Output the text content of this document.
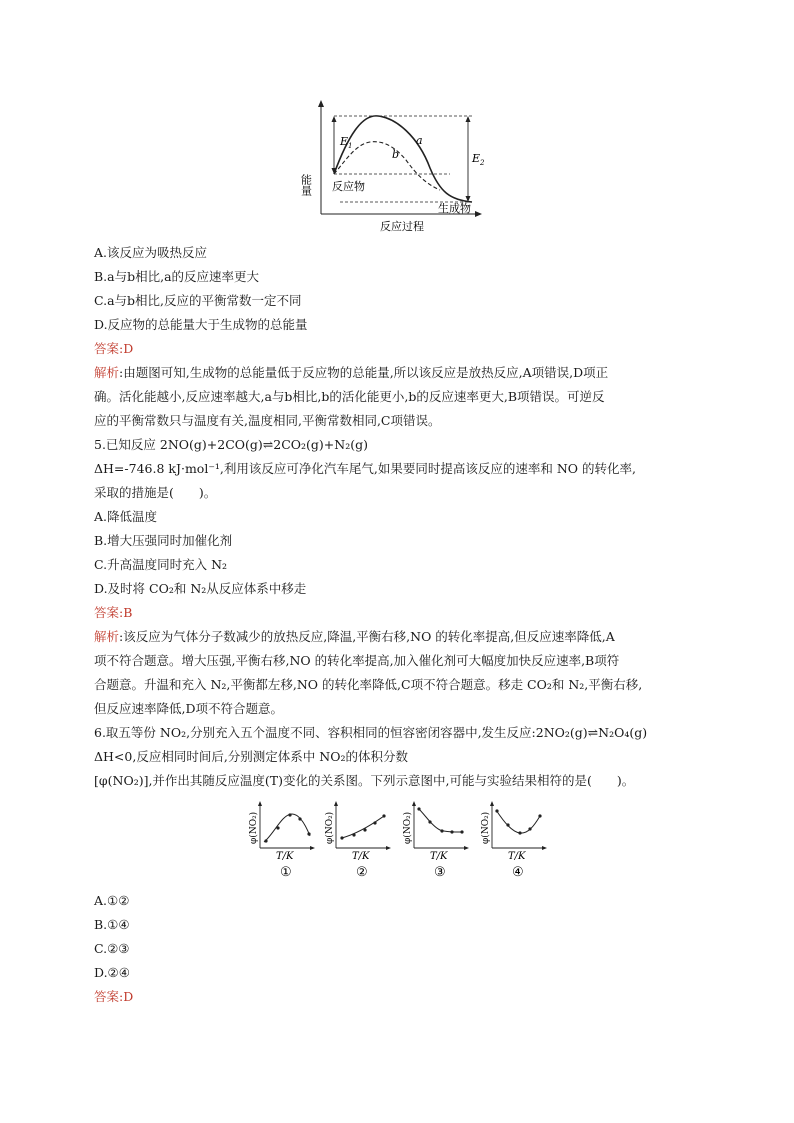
能量
$E_1$
$E_2$
a
b
反应物
生成物
反应过程
A.该反应为吸热反应
B.a与b相比,a的反应速率更大
C.a与b相比,反应的平衡常数一定不同
D.反应物的总能量大于生成物的总能量
答案:D
解析:由题图可知,生成物的总能量低于反应物的总能量,所以该反应是放热反应,A项错误,D项正
确。活化能越小,反应速率越大,a与b相比,b的活化能更小,b的反应速率更大,B项错误。可逆反
应的平衡常数只与温度有关,温度相同,平衡常数相同,C项错误。
5.已知反应 2NO(g)+2CO(g)⇌2CO₂(g)+N₂(g)
ΔH=-746.8 kJ·mol⁻¹,利用该反应可净化汽车尾气,如果要同时提高该反应的速率和 NO 的转化率,
采取的措施是(　　)。
A.降低温度
B.增大压强同时加催化剂
C.升高温度同时充入 N₂
D.及时将 CO₂和 N₂从反应体系中移走
答案:B
解析:该反应为气体分子数减少的放热反应,降温,平衡右移,NO 的转化率提高,但反应速率降低,A
项不符合题意。增大压强,平衡右移,NO 的转化率提高,加入催化剂可大幅度加快反应速率,B项符
合题意。升温和充入 N₂,平衡都左移,NO 的转化率降低,C项不符合题意。移走 CO₂和 N₂,平衡右移,
但反应速率降低,D项不符合题意。
6.取五等份 NO₂,分别充入五个温度不同、容积相同的恒容密闭容器中,发生反应:2NO₂(g)⇌N₂O₄(g)
ΔH<0,反应相同时间后,分别测定体系中 NO₂的体积分数
[φ(NO₂)],并作出其随反应温度(T)变化的关系图。下列示意图中,可能与实验结果相符的是(　　)。
φ(NO₂)
T/K
①
φ(NO₂)
T/K
②
φ(NO₂)
T/K
③
φ(NO₂)
T/K
④
A.①②
B.①④
C.②③
D.②④
答案:D
